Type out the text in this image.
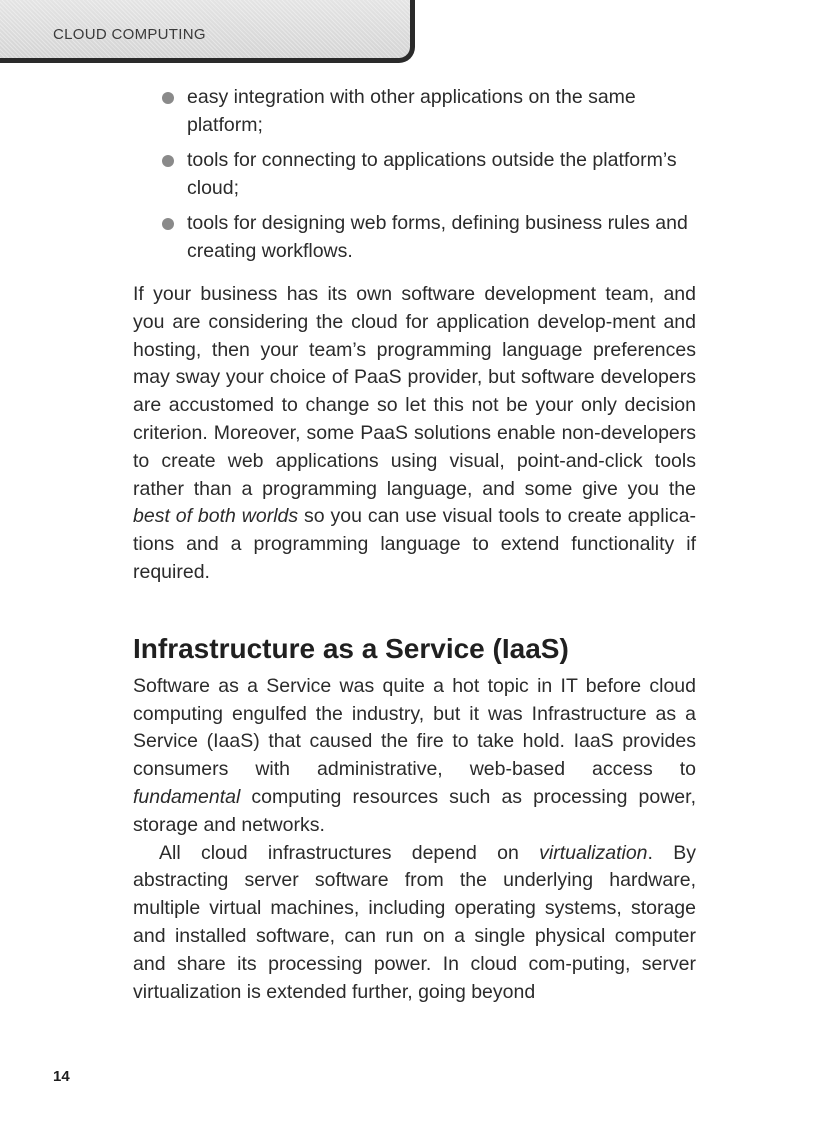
CLOUD COMPUTING
easy integration with other applications on the same platform;
tools for connecting to applications outside the platform’s cloud;
tools for designing web forms, defining business rules and creating workflows.

If your business has its own software development team, and you are considering the cloud for application develop-ment and hosting, then your team’s programming language preferences may sway your choice of PaaS provider, but software developers are accustomed to change so let this not be your only decision criterion. Moreover, some PaaS solutions enable non-developers to create web applications using visual, point-and-click tools rather than a programming language, and some give you the best of both worlds so you can use visual tools to create applica-tions and a programming language to extend functionality if required.

Infrastructure as a Service (IaaS)

Software as a Service was quite a hot topic in IT before cloud computing engulfed the industry, but it was Infrastructure as a Service (IaaS) that caused the fire to take hold. IaaS provides consumers with administrative, web-based access to fundamental computing resources such as processing power, storage and networks.

All cloud infrastructures depend on virtualization. By abstracting server software from the underlying hardware, multiple virtual machines, including operating systems, storage and installed software, can run on a single physical computer and share its processing power. In cloud com-puting, server virtualization is extended further, going beyond

14
